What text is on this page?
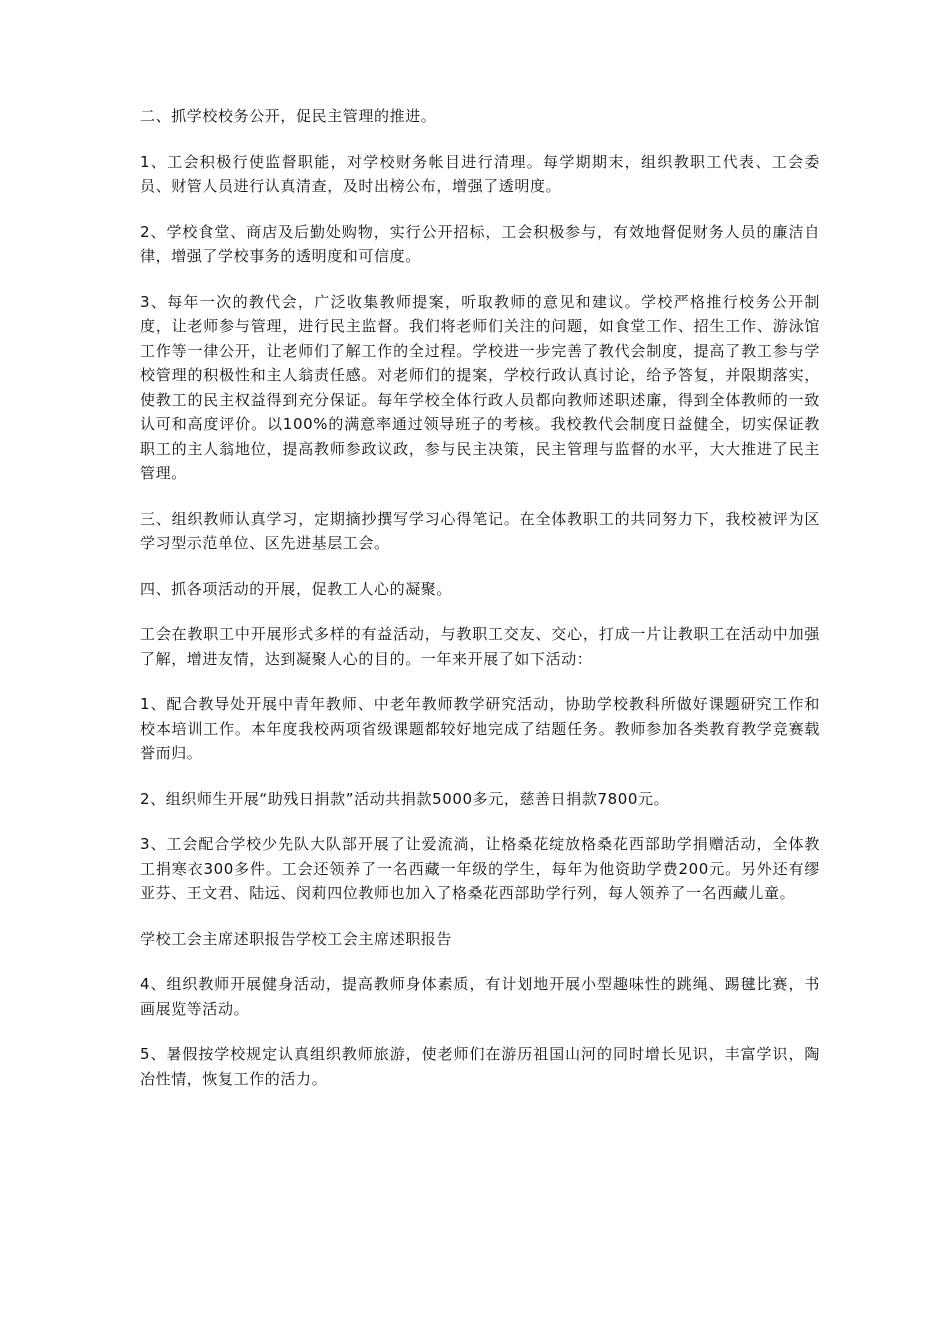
二、抓学校校务公开，促民主管理的推进。

1、工会积极行使监督职能，对学校财务帐目进行清理。每学期期末，组织教职工代表、工会委员、财管人员进行认真清查，及时出榜公布，增强了透明度。

2、学校食堂、商店及后勤处购物，实行公开招标，工会积极参与，有效地督促财务人员的廉洁自律，增强了学校事务的透明度和可信度。

3、每年一次的教代会，广泛收集教师提案，听取教师的意见和建议。学校严格推行校务公开制度，让老师参与管理，进行民主监督。我们将老师们关注的问题，如食堂工作、招生工作、游泳馆工作等一律公开，让老师们了解工作的全过程。学校进一步完善了教代会制度，提高了教工参与学校管理的积极性和主人翁责任感。对老师们的提案，学校行政认真讨论，给予答复，并限期落实，使教工的民主权益得到充分保证。每年学校全体行政人员都向教师述职述廉，得到全体教师的一致认可和高度评价。以100%的满意率通过领导班子的考核。我校教代会制度日益健全，切实保证教职工的主人翁地位，提高教师参政议政，参与民主决策，民主管理与监督的水平，大大推进了民主管理。

三、组织教师认真学习，定期摘抄撰写学习心得笔记。在全体教职工的共同努力下，我校被评为区学习型示范单位、区先进基层工会。

四、抓各项活动的开展，促教工人心的凝聚。

工会在教职工中开展形式多样的有益活动，与教职工交友、交心，打成一片让教职工在活动中加强了解，增进友情，达到凝聚人心的目的。一年来开展了如下活动：

1、配合教导处开展中青年教师、中老年教师教学研究活动，协助学校教科所做好课题研究工作和校本培训工作。本年度我校两项省级课题都较好地完成了结题任务。教师参加各类教育教学竞赛载誉而归。

2、组织师生开展“助残日捐款”活动共捐款5000多元，慈善日捐款7800元。

3、工会配合学校少先队大队部开展了让爱流淌，让格桑花绽放格桑花西部助学捐赠活动，全体教工捐寒衣300多件。工会还领养了一名西藏一年级的学生，每年为他资助学费200元。另外还有缪亚芬、王文君、陆远、闵莉四位教师也加入了格桑花西部助学行列，每人领养了一名西藏儿童。

学校工会主席述职报告学校工会主席述职报告

4、组织教师开展健身活动，提高教师身体素质，有计划地开展小型趣味性的跳绳、踢毽比赛，书画展览等活动。

5、暑假按学校规定认真组织教师旅游，使老师们在游历祖国山河的同时增长见识，丰富学识，陶冶性情，恢复工作的活力。
